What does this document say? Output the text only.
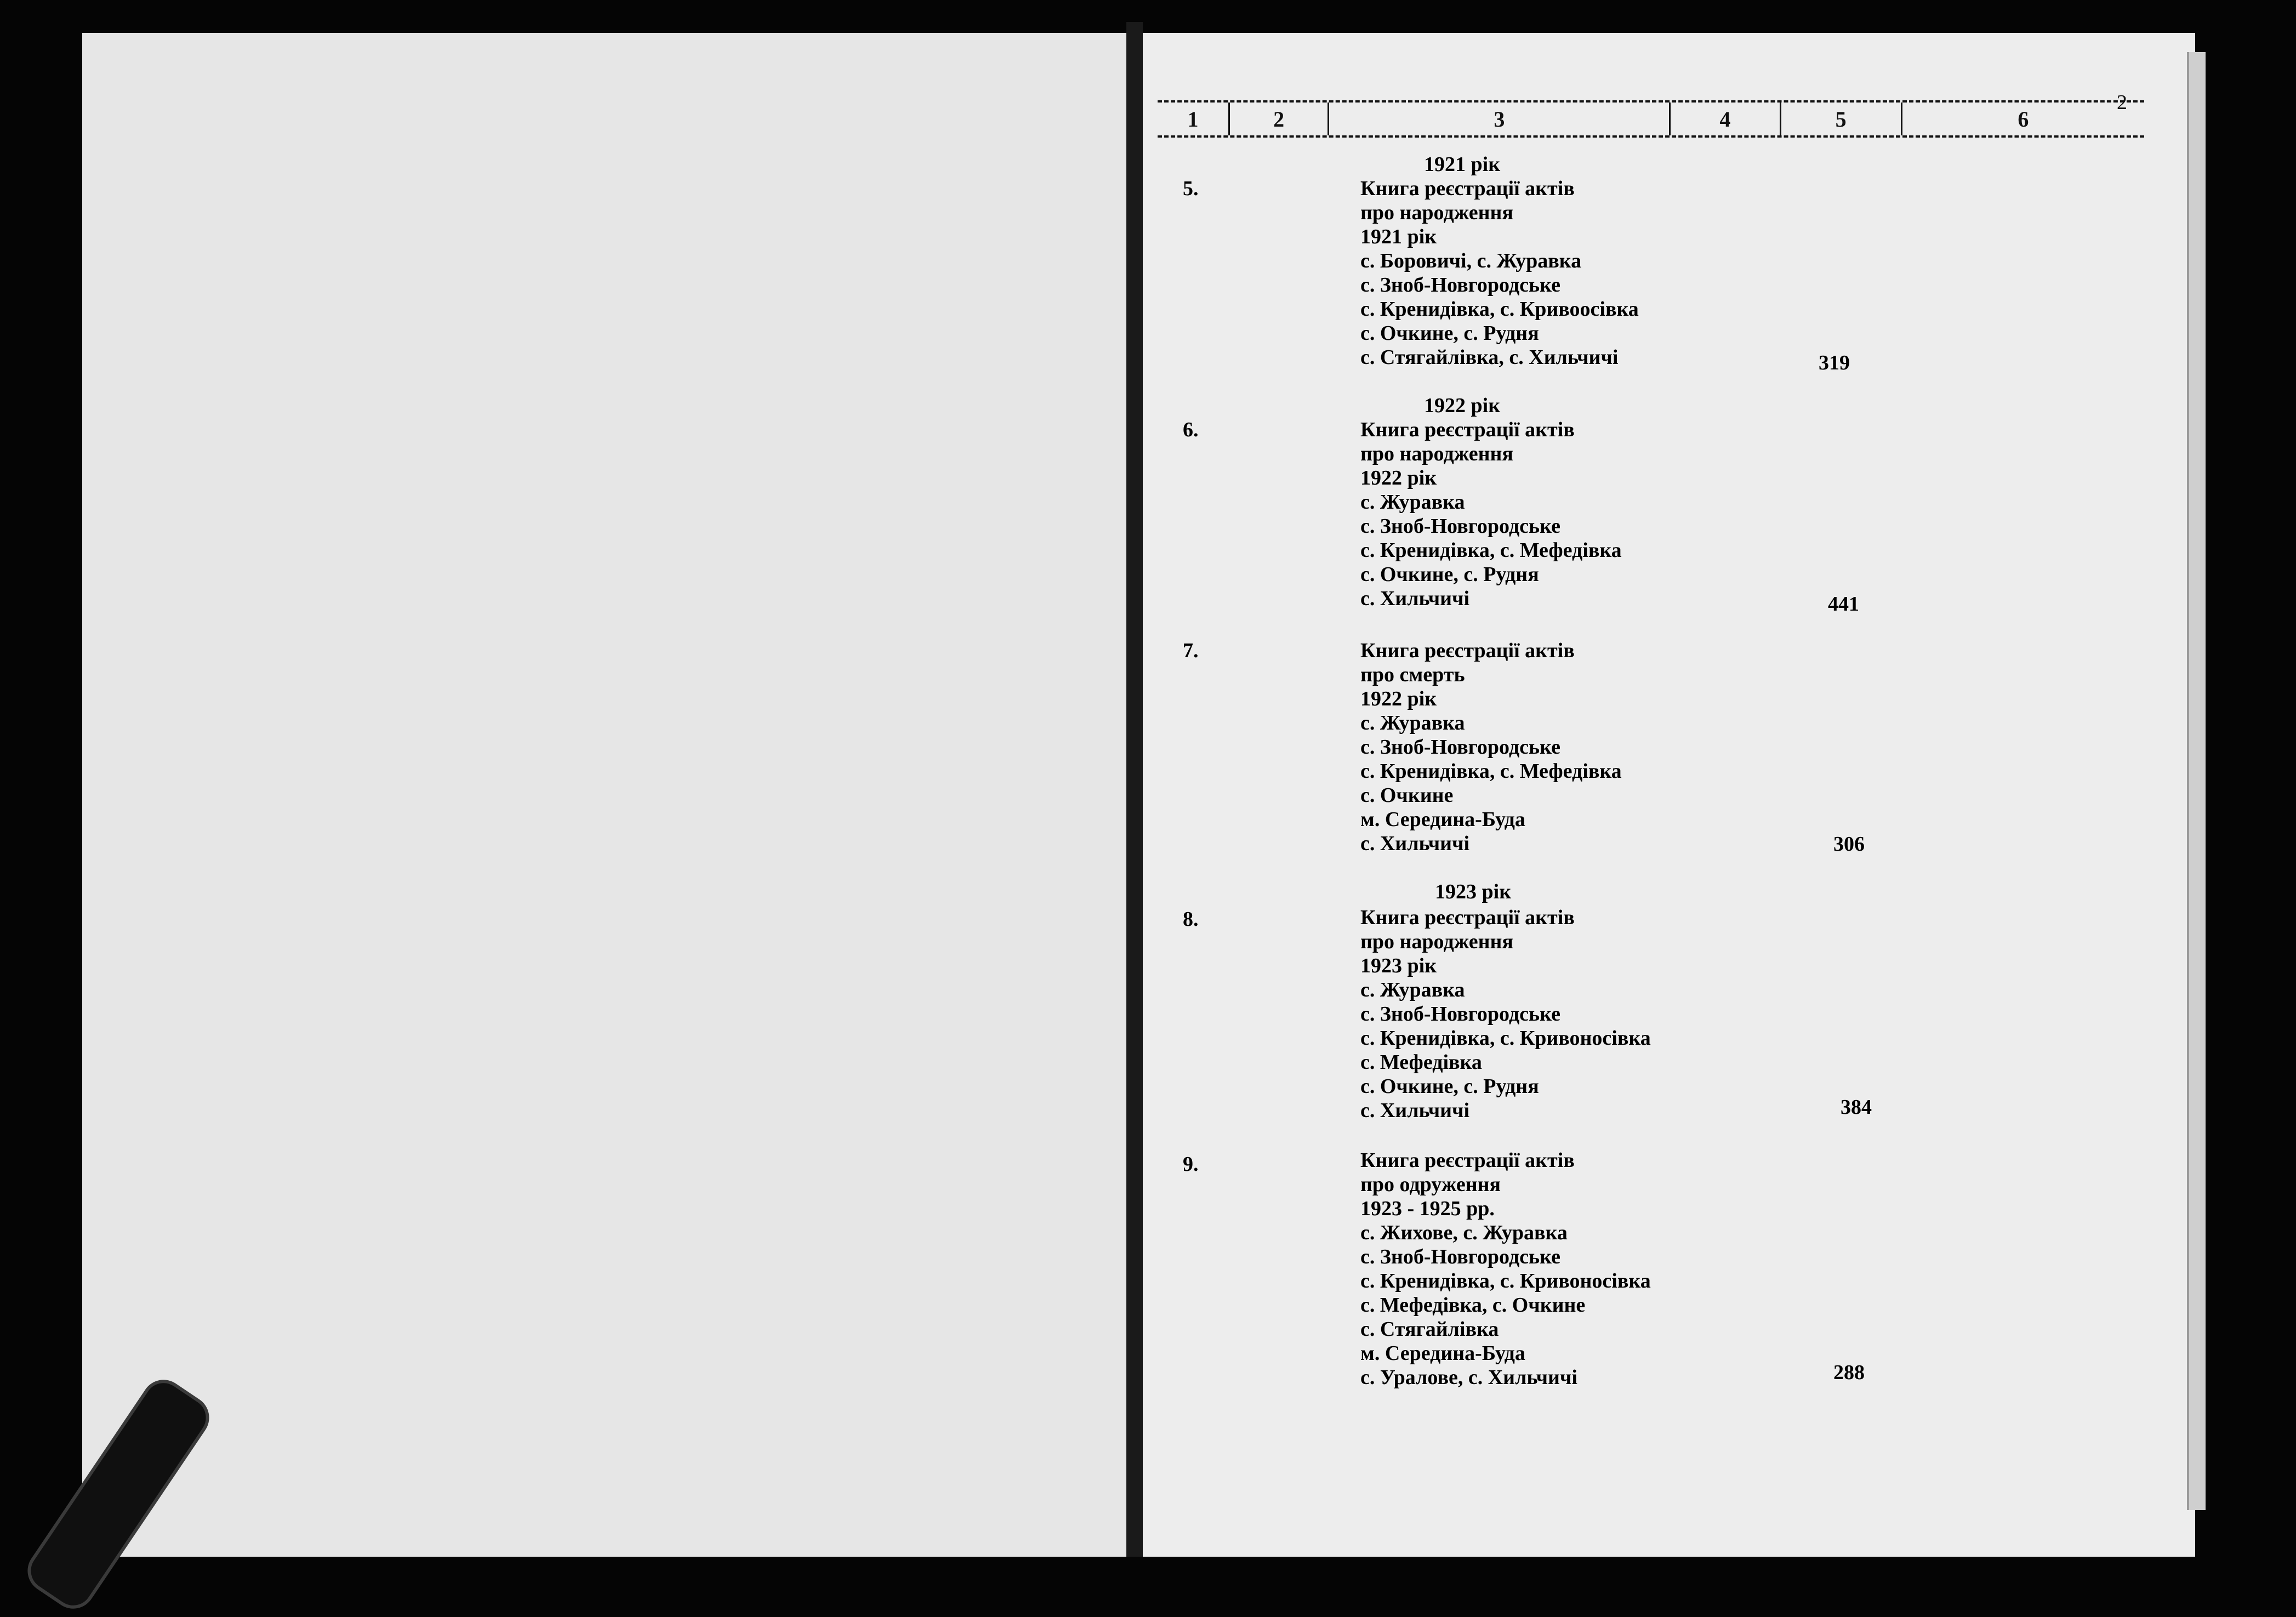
2
1	2	3	4	5	6
1921 рік
5.	Книга реєстрації актів
про народження
1921 рік
с. Боровичі, с. Журавка
с. Зноб-Новгородське
с. Кренидівка, с. Кривоосівка
с. Очкине, с. Рудня
с. Стягайлівка, с. Хильчичі	319
1922 рік
6.	Книга реєстрації актів
про народження
1922 рік
с. Журавка
с. Зноб-Новгородське
с. Кренидівка, с. Мефедівка
с. Очкине, с. Рудня
с. Хильчичі	441
7.	Книга реєстрації актів
про смерть
1922 рік
с. Журавка
с. Зноб-Новгородське
с. Кренидівка, с. Мефедівка
с. Очкине
м. Середина-Буда
с. Хильчичі	306
1923 рік
8.	Книга реєстрації актів
про народження
1923 рік
с. Журавка
с. Зноб-Новгородське
с. Кренидівка, с. Кривоносівка
с. Мефедівка
с. Очкине, с. Рудня
с. Хильчичі	384
9.	Книга реєстрації актів
про одруження
1923 - 1925 рр.
с. Жихове, с. Журавка
с. Зноб-Новгородське
с. Кренидівка, с. Кривоносівка
с. Мефедівка, с. Очкине
с. Стягайлівка
м. Середина-Буда
с. Уралове, с. Хильчичі	288
